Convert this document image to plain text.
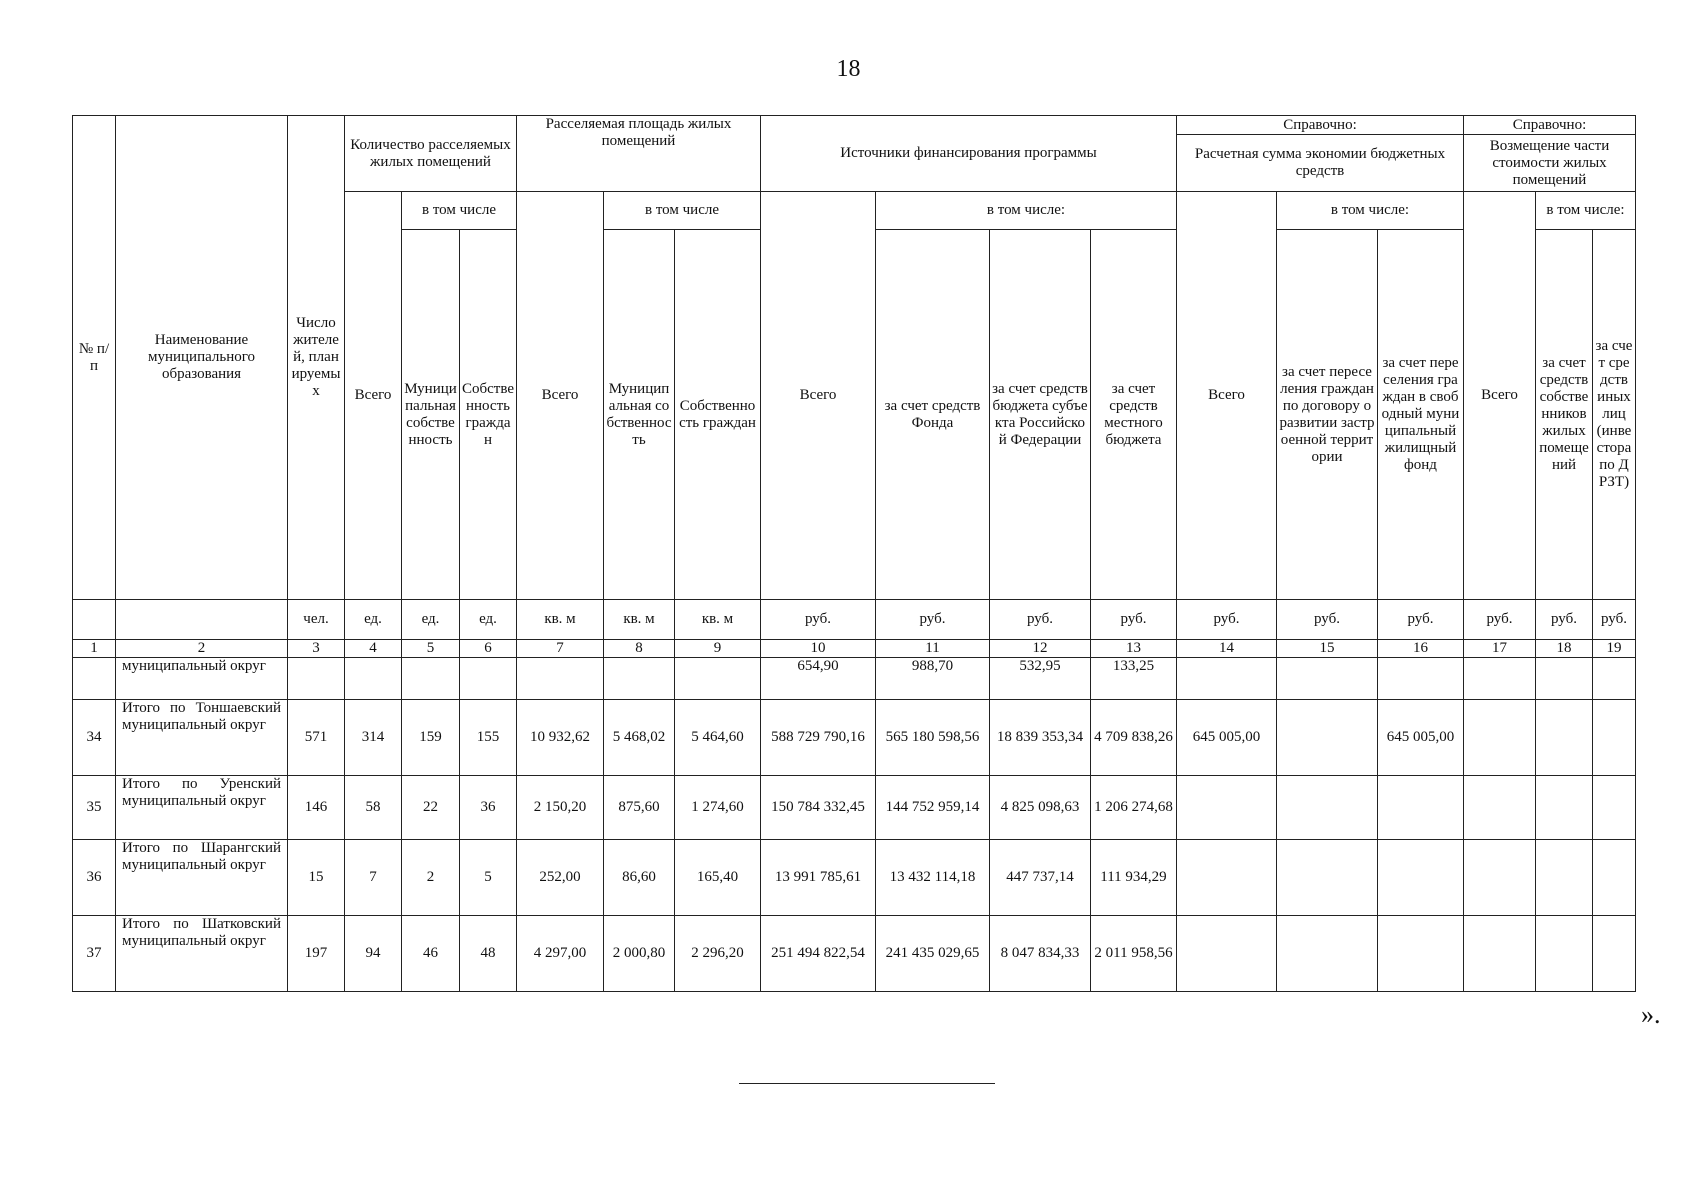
18
№ п/п	Наименование муниципального образования	Число жителей, планируемых	Количество расселяемых жилых помещений			Расселяемая площадь жилых помещений			Источники финансирования программы				Справочно:			Справочно:		
													Расчетная сумма экономии бюджетных средств			Возмещение части стоимости жилых помещений		
			Всего	в том числе		Всего	в том числе		Всего	в том числе:			Всего	в том числе:		Всего	в том числе:	
				Муниципальная собственность	Собственность граждан		Муниципальная собственность	Собственность граждан		за счет средств Фонда	за счет средств бюджета субъекта Российской Федерации	за счет средств местного бюджета		за счет переселения граждан по договору о развитии застроенной территории	за счет переселения граждан в свободный муниципальный жилищный фонд		за счет средств собственников жилых помещений	за счет средств иных лиц (инвестора по ДРЗТ)
		чел.	ед.	ед.	ед.	кв. м	кв. м	кв. м	руб.	руб.	руб.	руб.	руб.	руб.	руб.	руб.	руб.	руб.
1	2	3	4	5	6	7	8	9	10	11	12	13	14	15	16	17	18	19
	муниципальный округ								654,90	988,70	532,95	133,25						
34	Итого по Тоншаевский муниципальный округ	571	314	159	155	10 932,62	5 468,02	5 464,60	588 729 790,16	565 180 598,56	18 839 353,34	4 709 838,26	645 005,00		645 005,00			
35	Итого по Уренский муниципальный округ	146	58	22	36	2 150,20	875,60	1 274,60	150 784 332,45	144 752 959,14	4 825 098,63	1 206 274,68						
36	Итого по Шарангский муниципальный округ	15	7	2	5	252,00	86,60	165,40	13 991 785,61	13 432 114,18	447 737,14	111 934,29						
37	Итого по Шатковский муниципальный округ	197	94	46	48	4 297,00	2 000,80	2 296,20	251 494 822,54	241 435 029,65	8 047 834,33	2 011 958,56						
».
